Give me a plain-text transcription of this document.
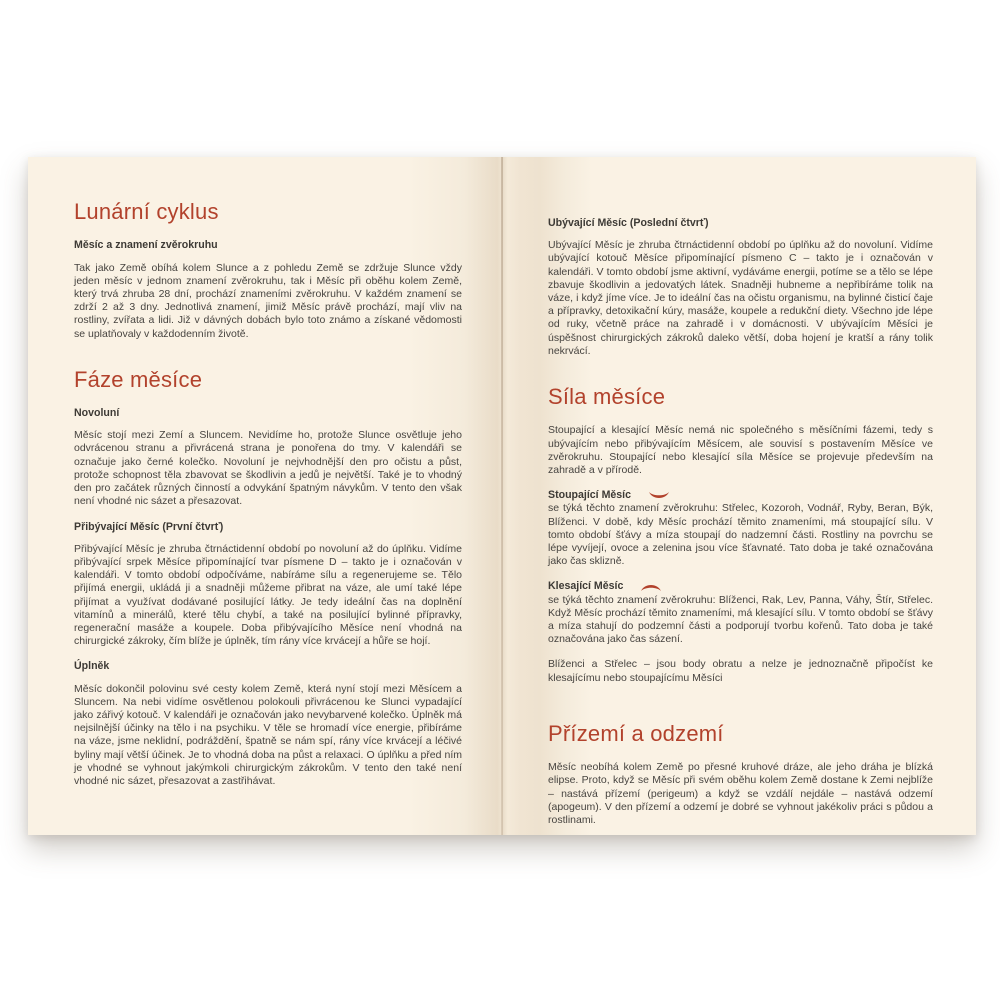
Lunární cyklus
Měsíc a znamení zvěrokruhu

Tak jako Země obíhá kolem Slunce a z pohledu Země se zdržuje Slunce vždy jeden měsíc v jednom znamení zvěrokruhu, tak i Měsíc při oběhu kolem Země, který trvá zhruba 28 dní, prochází znameními zvěrokruhu. V každém znamení se zdrží 2 až 3 dny. Jednotlivá znamení, jimiž Měsíc právě prochází, mají vliv na rostliny, zvířata a lidi. Již v dávných dobách bylo toto známo a získané vědomosti se uplatňovaly v každodenním životě.

Fáze měsíce
Novoluní

Měsíc stojí mezi Zemí a Sluncem. Nevidíme ho, protože Slunce osvětluje jeho odvrácenou stranu a přivrácená strana je ponořena do tmy. V kalendáři se označuje jako černé kolečko. Novoluní je nejvhodnější den pro očistu a půst, protože schopnost těla zbavovat se škodlivin a jedů je největší. Také je to vhodný den pro začátek různých činností a odvykání špatným návykům. V tento den však není vhodné nic sázet a přesazovat.

Přibývající Měsíc (První čtvrť)

Přibývající Měsíc je zhruba čtrnáctidenní období po novoluní až do úplňku. Vidíme přibývající srpek Měsíce připomínající tvar písmene D – takto je i označován v kalendáři. V tomto období odpočíváme, nabíráme sílu a regenerujeme se. Tělo přijímá energii, ukládá ji a snadněji můžeme přibrat na váze, ale umí také lépe přijímat a využívat dodávané posilující látky. Je tedy ideální čas na doplnění vitamínů a minerálů, které tělu chybí, a také na posilující bylinné přípravky, regenerační masáže a koupele. Doba přibývajícího Měsíce není vhodná na chirurgické zákroky, čím blíže je úplněk, tím rány více krvácejí a hůře se hojí.

Úplněk

Měsíc dokončil polovinu své cesty kolem Země, která nyní stojí mezi Měsícem a Sluncem. Na nebi vidíme osvětlenou polokouli přivrácenou ke Slunci vypadající jako zářivý kotouč. V kalendáři je označován jako nevybarvené kolečko. Úplněk má nejsilnější účinky na tělo i na psychiku. V těle se hromadí více energie, přibíráme na váze, jsme neklidní, podráždění, špatně se nám spí, rány více krvácejí a léčivé byliny mají větší účinek. Je to vhodná doba na půst a relaxaci. O úplňku a před ním je vhodné se vyhnout jakýmkoli chirurgickým zákrokům. V tento den také není vhodné nic sázet, přesazovat a zastřihávat.

Ubývající Měsíc (Poslední čtvrť)

Ubývající Měsíc je zhruba čtrnáctidenní období po úplňku až do novoluní. Vidíme ubývající kotouč Měsíce připomínající písmeno C – takto je i označován v kalendáři. V tomto období jsme aktivní, vydáváme energii, potíme se a tělo se lépe zbavuje škodlivin a jedovatých látek. Snadněji hubneme a nepřibíráme tolik na váze, i když jíme více. Je to ideální čas na očistu organismu, na bylinné čisticí čaje a přípravky, detoxikační kúry, masáže, koupele a redukční diety. Všechno jde lépe od ruky, včetně práce na zahradě i v domácnosti. V ubývajícím Měsíci je úspěšnost chirurgických zákroků daleko větší, doba hojení je kratší a rány tolik nekrvácí.

Síla měsíce

Stoupající a klesající Měsíc nemá nic společného s měsíčními fázemi, tedy s ubývajícím nebo přibývajícím Měsícem, ale souvisí s postavením Měsíce ve zvěrokruhu. Stoupající nebo klesající síla Měsíce se projevuje především na zahradě a v přírodě.

Stoupající Měsíc

se týká těchto znamení zvěrokruhu: Střelec, Kozoroh, Vodnář, Ryby, Beran, Býk, Blíženci. V době, kdy Měsíc prochází těmito znameními, má stoupající sílu. V tomto období šťávy a míza stoupají do nadzemní části. Rostliny na povrchu se lépe vyvíjejí, ovoce a zelenina jsou více šťavnaté. Tato doba je také označována jako čas sklizně.

Klesající Měsíc

se týká těchto znamení zvěrokruhu: Blíženci, Rak, Lev, Panna, Váhy, Štír, Střelec. Když Měsíc prochází těmito znameními, má klesající sílu. V tomto období se šťávy a míza stahují do podzemní části a podporují tvorbu kořenů. Tato doba je také označována jako čas sázení.

Blíženci a Střelec – jsou body obratu a nelze je jednoznačně připočíst ke klesajícímu nebo stoupajícímu Měsíci

Přízemí a odzemí

Měsíc neobíhá kolem Země po přesné kruhové dráze, ale jeho dráha je blízká elipse. Proto, když se Měsíc při svém oběhu kolem Země dostane k Zemi nejblíže – nastává přízemí (perigeum) a když se vzdálí nejdále – nastává odzemí (apogeum). V den přízemí a odzemí je dobré se vyhnout jakékoliv práci s půdou a rostlinami.
